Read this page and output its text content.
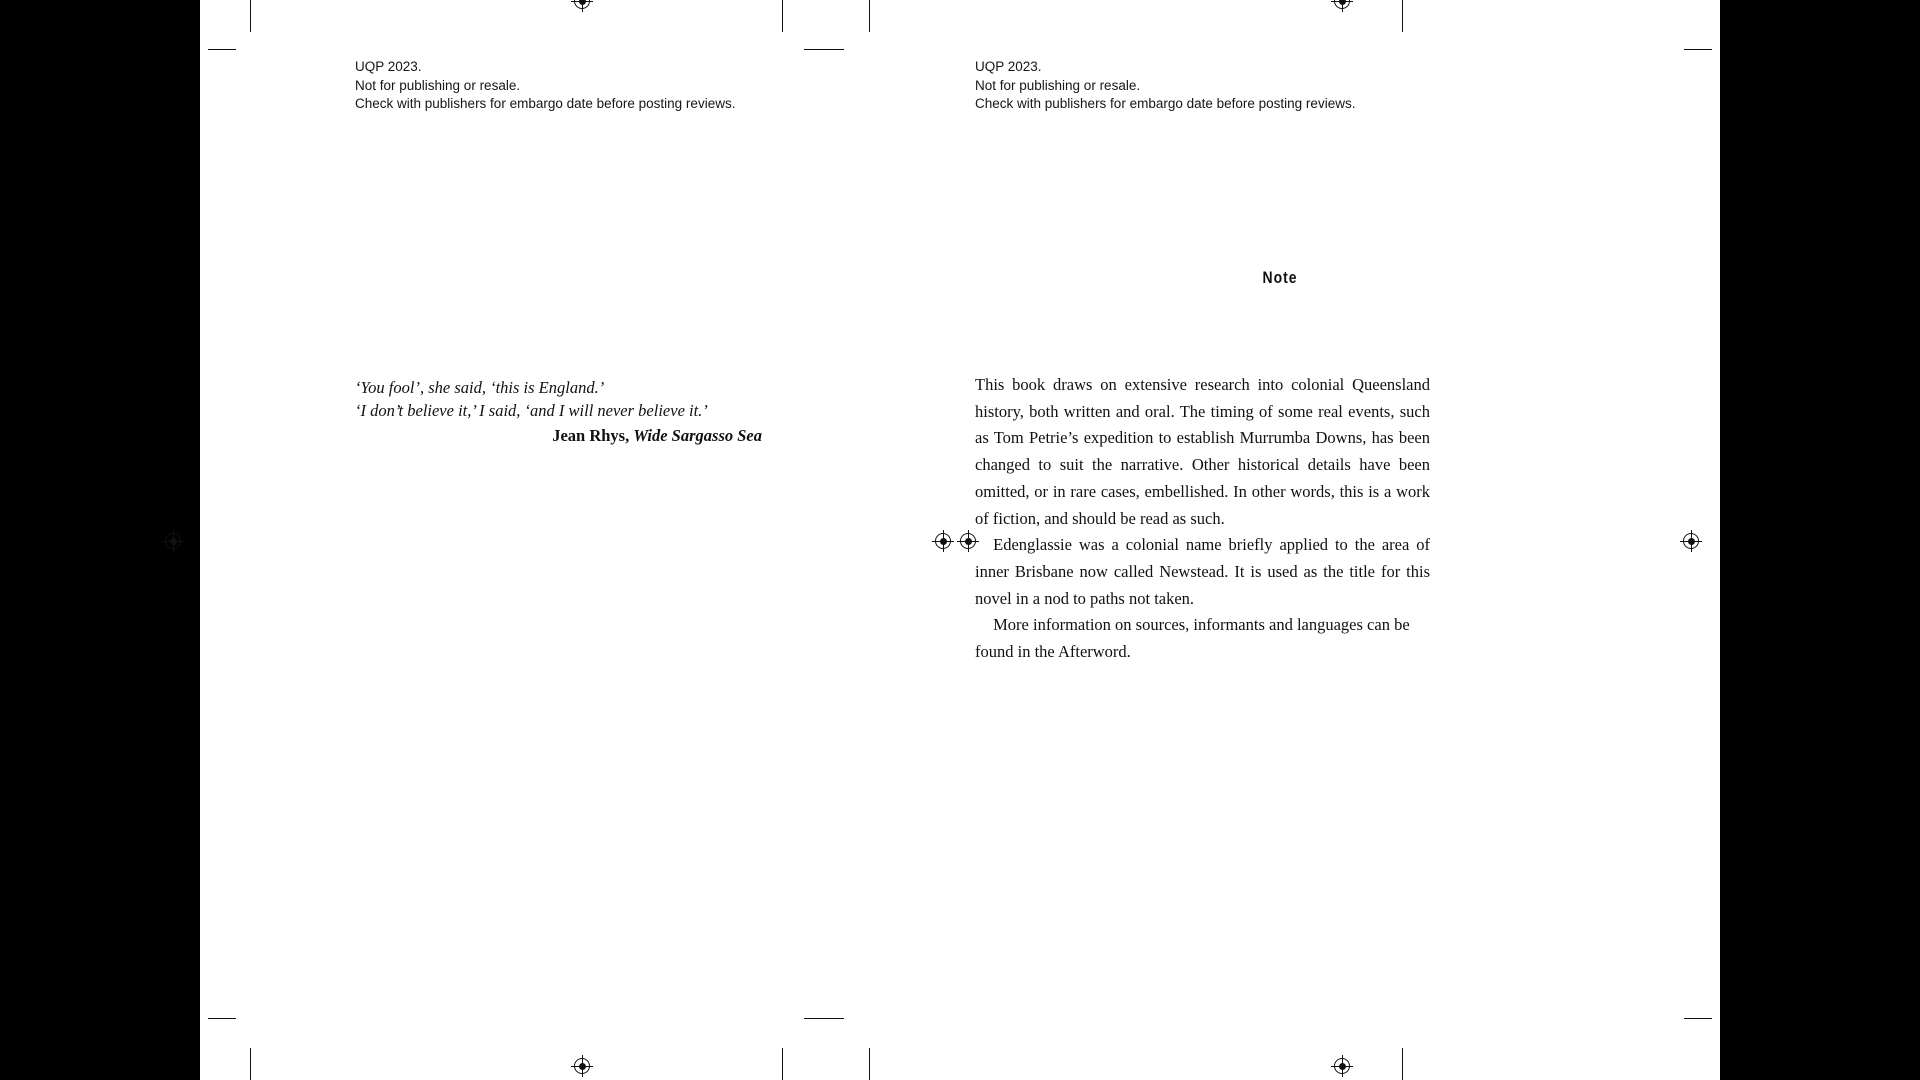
UQP 2023.
Not for publishing or resale.
Check with publishers for embargo date before posting reviews.
‘You fool’, she said, ‘this is England.’
‘I don’t believe it,’ I said, ‘and I will never believe it.’
Jean Rhys, Wide Sargasso Sea
UQP 2023.
Not for publishing or resale.
Check with publishers for embargo date before posting reviews.
Note

This book draws on extensive research into colonial Queensland history, both written and oral. The timing of some real events, such as Tom Petrie’s expedition to establish Murrumba Downs, has been changed to suit the narrative. Other historical details have been omitted, or in rare cases, embellished. In other words, this is a work of fiction, and should be read as such.

Edenglassie was a colonial name briefly applied to the area of inner Brisbane now called Newstead. It is used as the title for this novel in a nod to paths not taken.

More information on sources, informants and languages can be found in the Afterword.
